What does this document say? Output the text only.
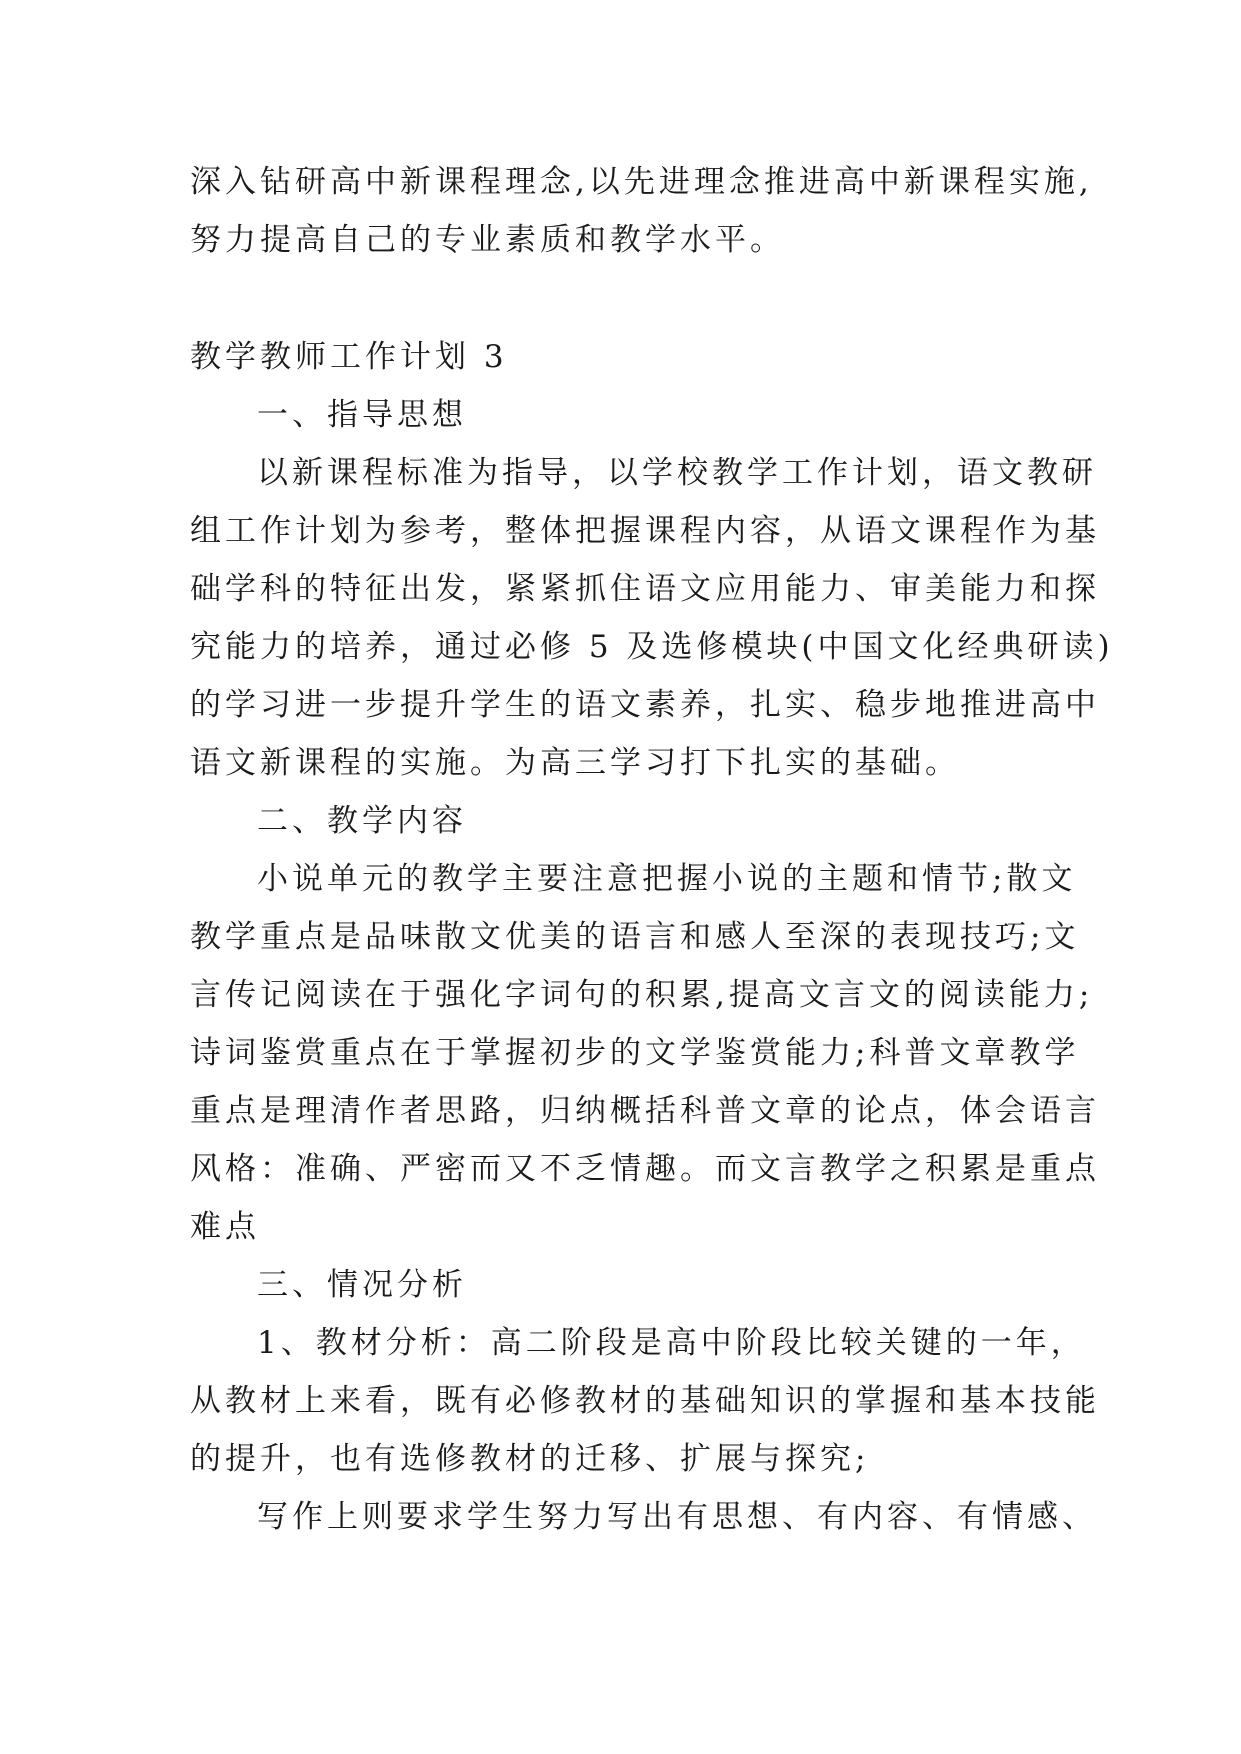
深入钻研高中新课程理念,以先进理念推进高中新课程实施,
努力提高自己的专业素质和教学水平。
教学教师工作计划 3
一、指导思想
以新课程标准为指导，以学校教学工作计划，语文教研
组工作计划为参考，整体把握课程内容，从语文课程作为基
础学科的特征出发，紧紧抓住语文应用能力、审美能力和探
究能力的培养，通过必修 5 及选修模块(中国文化经典研读)
的学习进一步提升学生的语文素养，扎实、稳步地推进高中
语文新课程的实施。为高三学习打下扎实的基础。
二、教学内容
小说单元的教学主要注意把握小说的主题和情节;散文
教学重点是品味散文优美的语言和感人至深的表现技巧;文
言传记阅读在于强化字词句的积累,提高文言文的阅读能力;
诗词鉴赏重点在于掌握初步的文学鉴赏能力;科普文章教学
重点是理清作者思路，归纳概括科普文章的论点，体会语言
风格：准确、严密而又不乏情趣。而文言教学之积累是重点
难点
三、情况分析
1、教材分析：高二阶段是高中阶段比较关键的一年，
从教材上来看，既有必修教材的基础知识的掌握和基本技能
的提升，也有选修教材的迁移、扩展与探究;
写作上则要求学生努力写出有思想、有内容、有情感、
